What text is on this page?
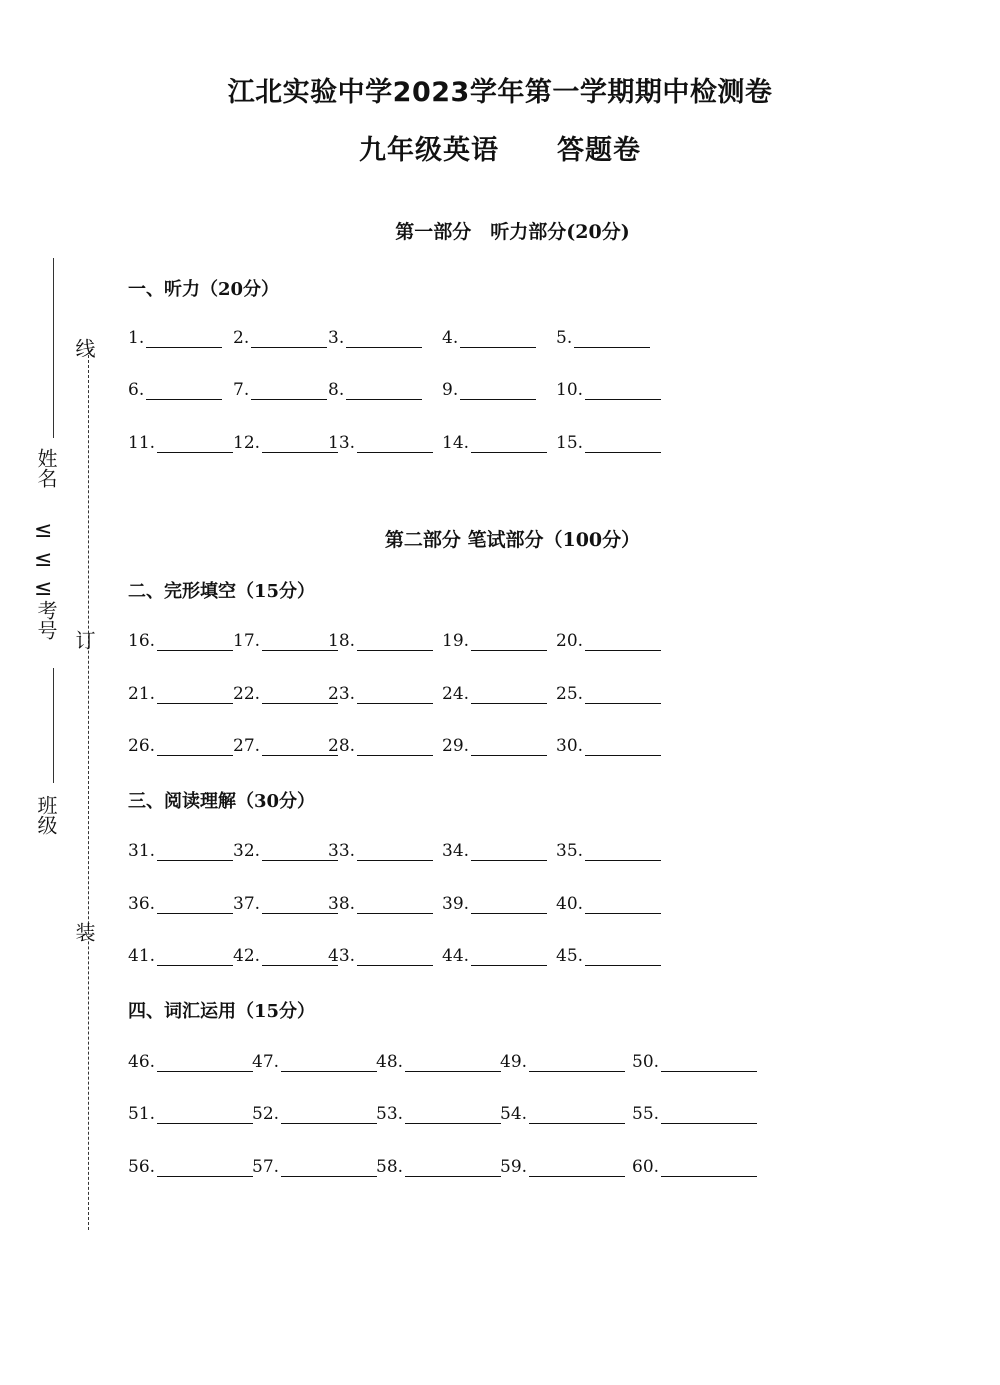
江北实验中学2023学年第一学期期中检测卷
九年级英语 答题卷
第一部分　听力部分(20分)
第二部分 笔试部分（100分）
一、听力（20分）
二、完形填空（15分）
三、阅读理解（30分）
四、词汇运用（15分）
1.	2.	3.	4.	5.
6.	7.	8.	9.	10.
11.	12.	13.	14.	15.
16.	17.	18.	19.	20.
21.	22.	23.	24.	25.
26.	27.	28.	29.	30.
31.	32.	33.	34.	35.
36.	37.	38.	39.	40.
41.	42.	43.	44.	45.
46.	47.	48.	49.	50.
51.	52.	53.	54.	55.
56.	57.	58.	59.	60.
线
订
装
姓名
考号
班级
≤
≤
≤
